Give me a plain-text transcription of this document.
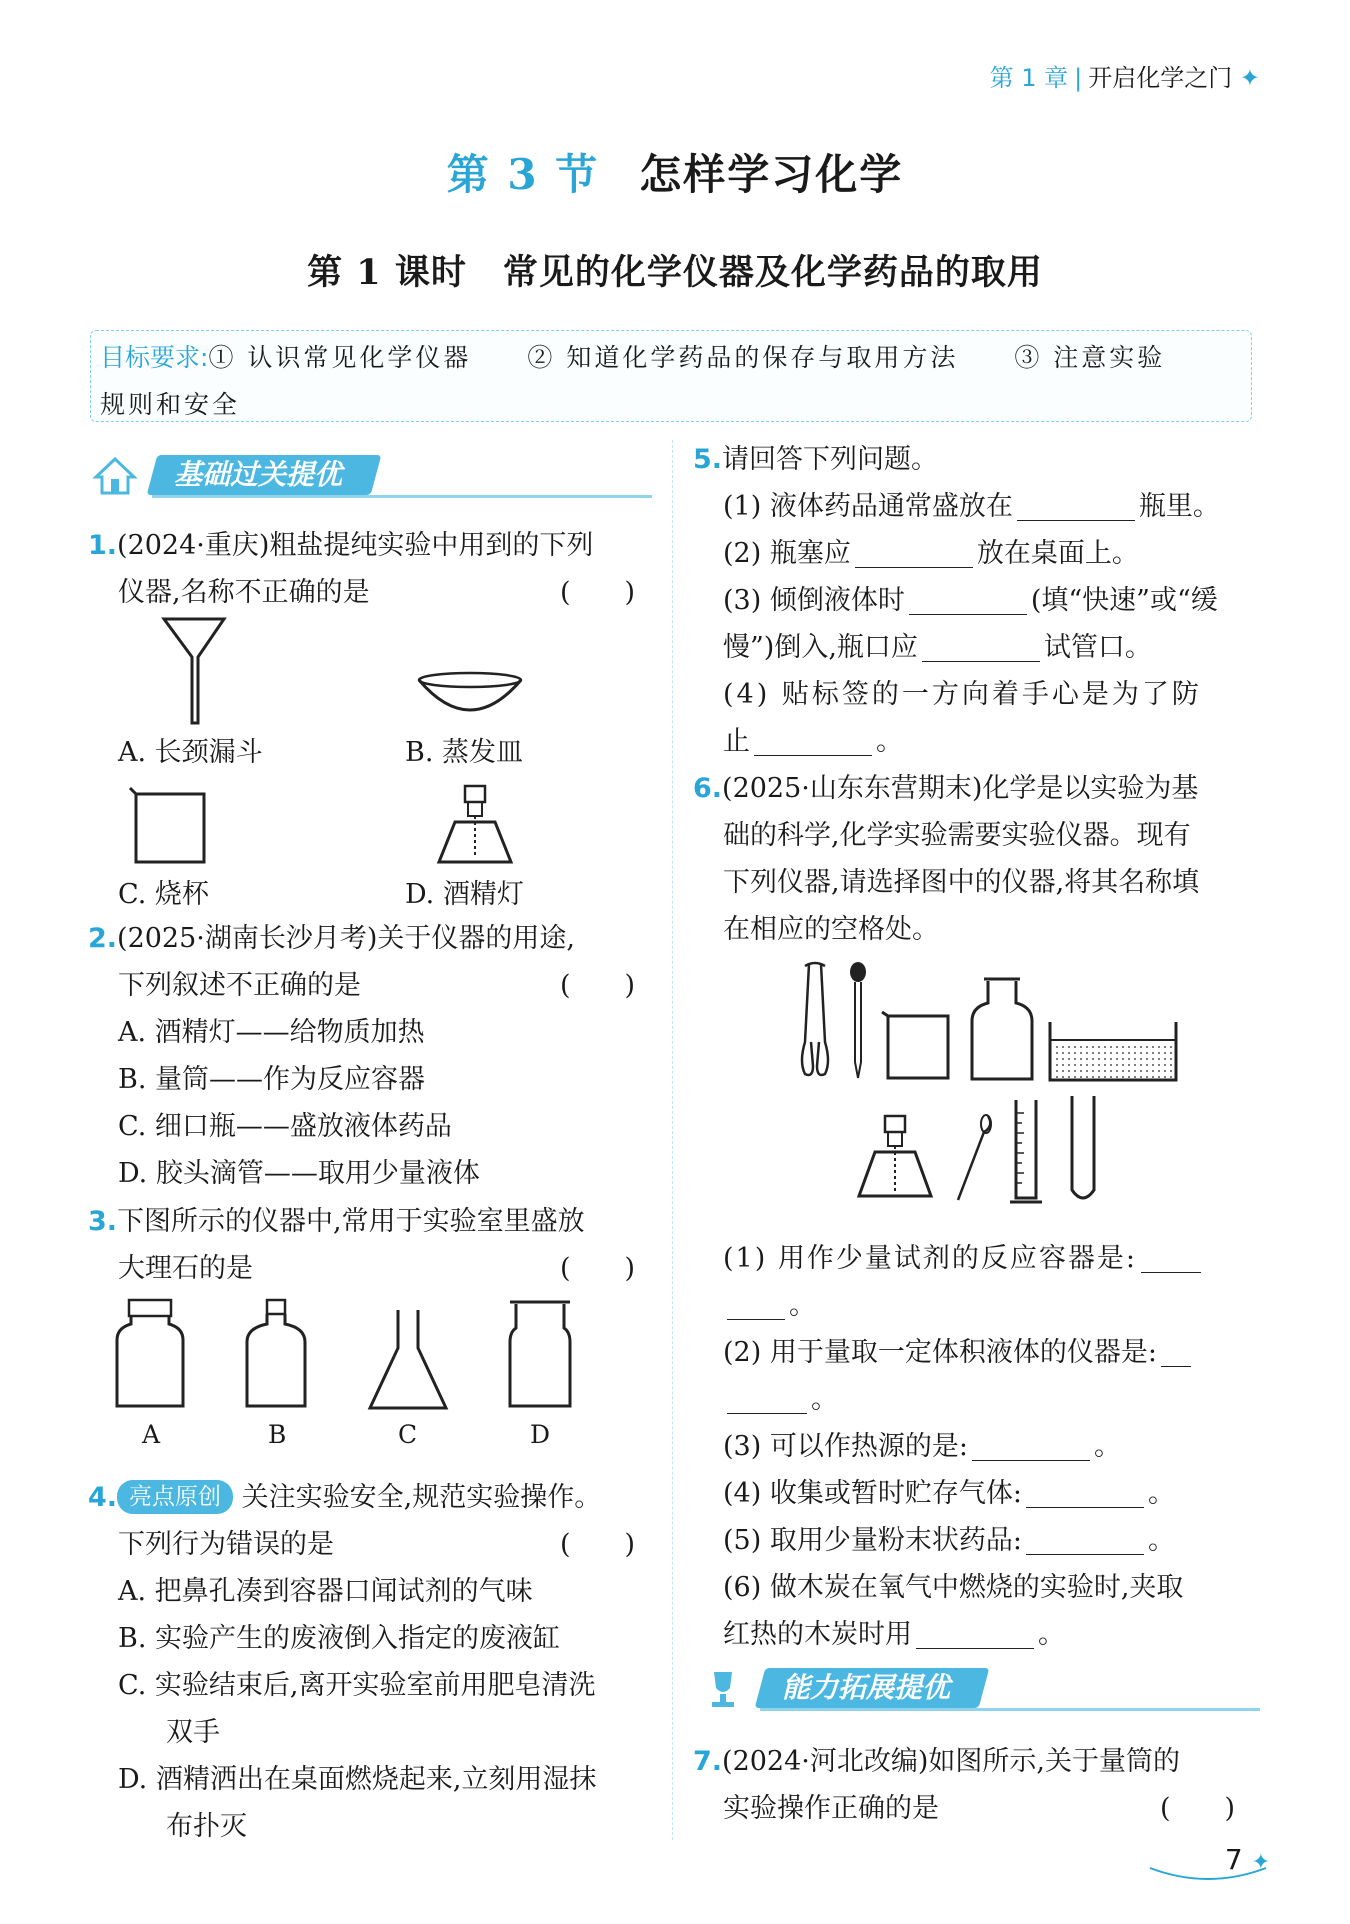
第 1 章 | 开启化学之门 ✦
第 3 节 怎样学习化学
第 1 课时　常见的化学仪器及化学药品的取用
目标要求:① 认识常见化学仪器　　② 知道化学药品的保存与取用方法　　③ 注意实验
规则和安全
基础过关提优
1.(2024·重庆)粗盐提纯实验中用到的下列
仪器,名称不正确的是	(　　)
A. 长颈漏斗	B. 蒸发皿
C. 烧杯	D. 酒精灯
2.(2025·湖南长沙月考)关于仪器的用途,
下列叙述不正确的是	(　　)
A. 酒精灯——给物质加热
B. 量筒——作为反应容器
C. 细口瓶——盛放液体药品
D. 胶头滴管——取用少量液体
3.下图所示的仪器中,常用于实验室里盛放
大理石的是	(　　)
A	B	C	D
4. 亮点原创 关注实验安全,规范实验操作。
下列行为错误的是	(　　)
A. 把鼻孔凑到容器口闻试剂的气味
B. 实验产生的废液倒入指定的废液缸
C. 实验结束后,离开实验室前用肥皂清洗
双手
D. 酒精洒出在桌面燃烧起来,立刻用湿抹
布扑灭
5.请回答下列问题。
(1) 液体药品通常盛放在	瓶里。
(2) 瓶塞应	放在桌面上。
(3) 倾倒液体时	(填“快速”或“缓
慢”)倒入,瓶口应	试管口。
(4) 贴标签的一方向着手心是为了防
止	。
6.(2025·山东东营期末)化学是以实验为基
础的科学,化学实验需要实验仪器。现有
下列仪器,请选择图中的仪器,将其名称填
在相应的空格处。
(1) 用作少量试剂的反应容器是:
。
(2) 用于量取一定体积液体的仪器是:
。
(3) 可以作热源的是:	。
(4) 收集或暂时贮存气体:	。
(5) 取用少量粉末状药品:	。
(6) 做木炭在氧气中燃烧的实验时,夹取
红热的木炭时用	。
能力拓展提优
7.(2024·河北改编)如图所示,关于量筒的
实验操作正确的是	(　　)
7 ✦
